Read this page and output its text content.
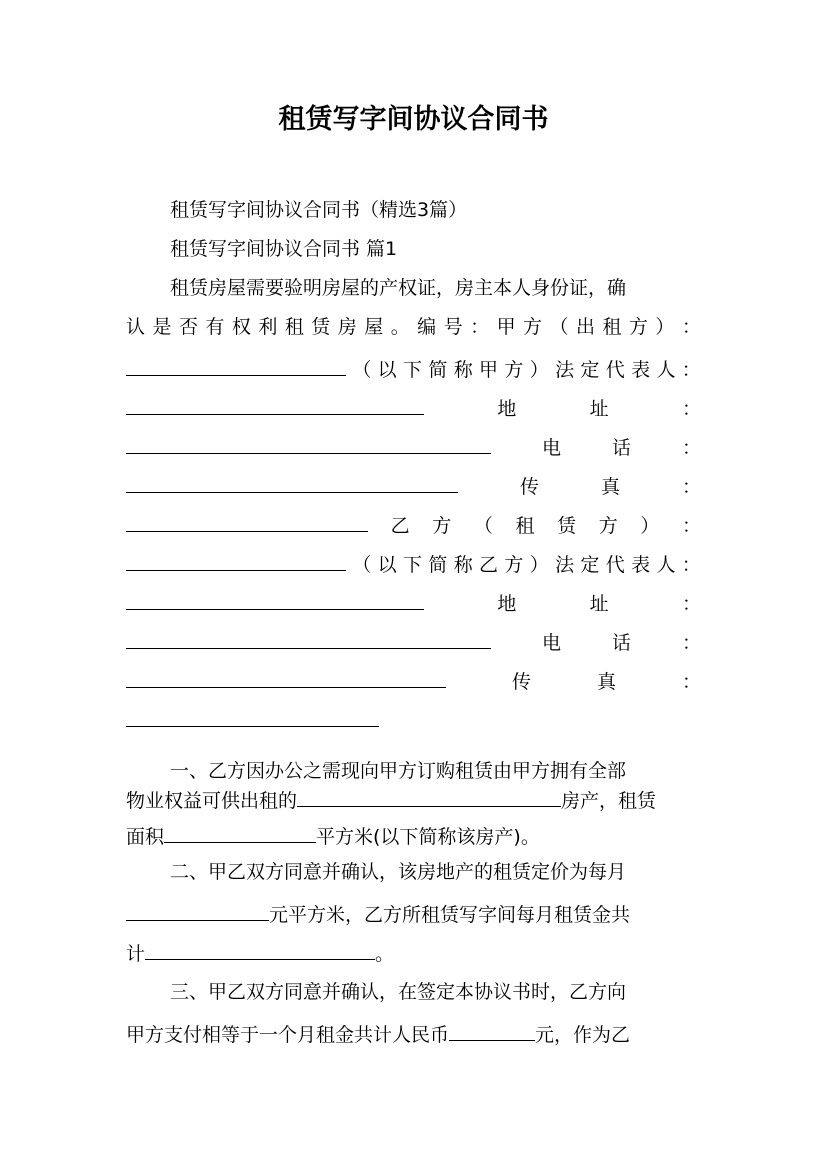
租赁写字间协议合同书
租赁写字间协议合同书（精选3篇）
租赁写字间协议合同书 篇1
租赁房屋需要验明房屋的产权证，房主本人身份证，确
认 是 否 有 权 利 租 赁 房 屋 。 编 号 ： 甲 方 （ 出 租 方 ） ：
（ 以 下 简 称 甲 方 ） 法 定 代 表 人 ：
地	址	：
电	话	：
传	真	：
乙 方 （ 租 赁 方 ） ：
（ 以 下 简 称 乙 方 ） 法 定 代 表 人 ：
地	址	：
电	话	：
传	真	：
一、乙方因办公之需现向甲方订购租赁由甲方拥有全部
物业权益可供出租的	房产，租赁
面积	平方米(以下简称该房产)。
二、甲乙双方同意并确认，该房地产的租赁定价为每月
元平方米，乙方所租赁写字间每月租赁金共
计	。
三、甲乙双方同意并确认，在签定本协议书时，乙方向
甲方支付相等于一个月租金共计人民币	元，作为乙
